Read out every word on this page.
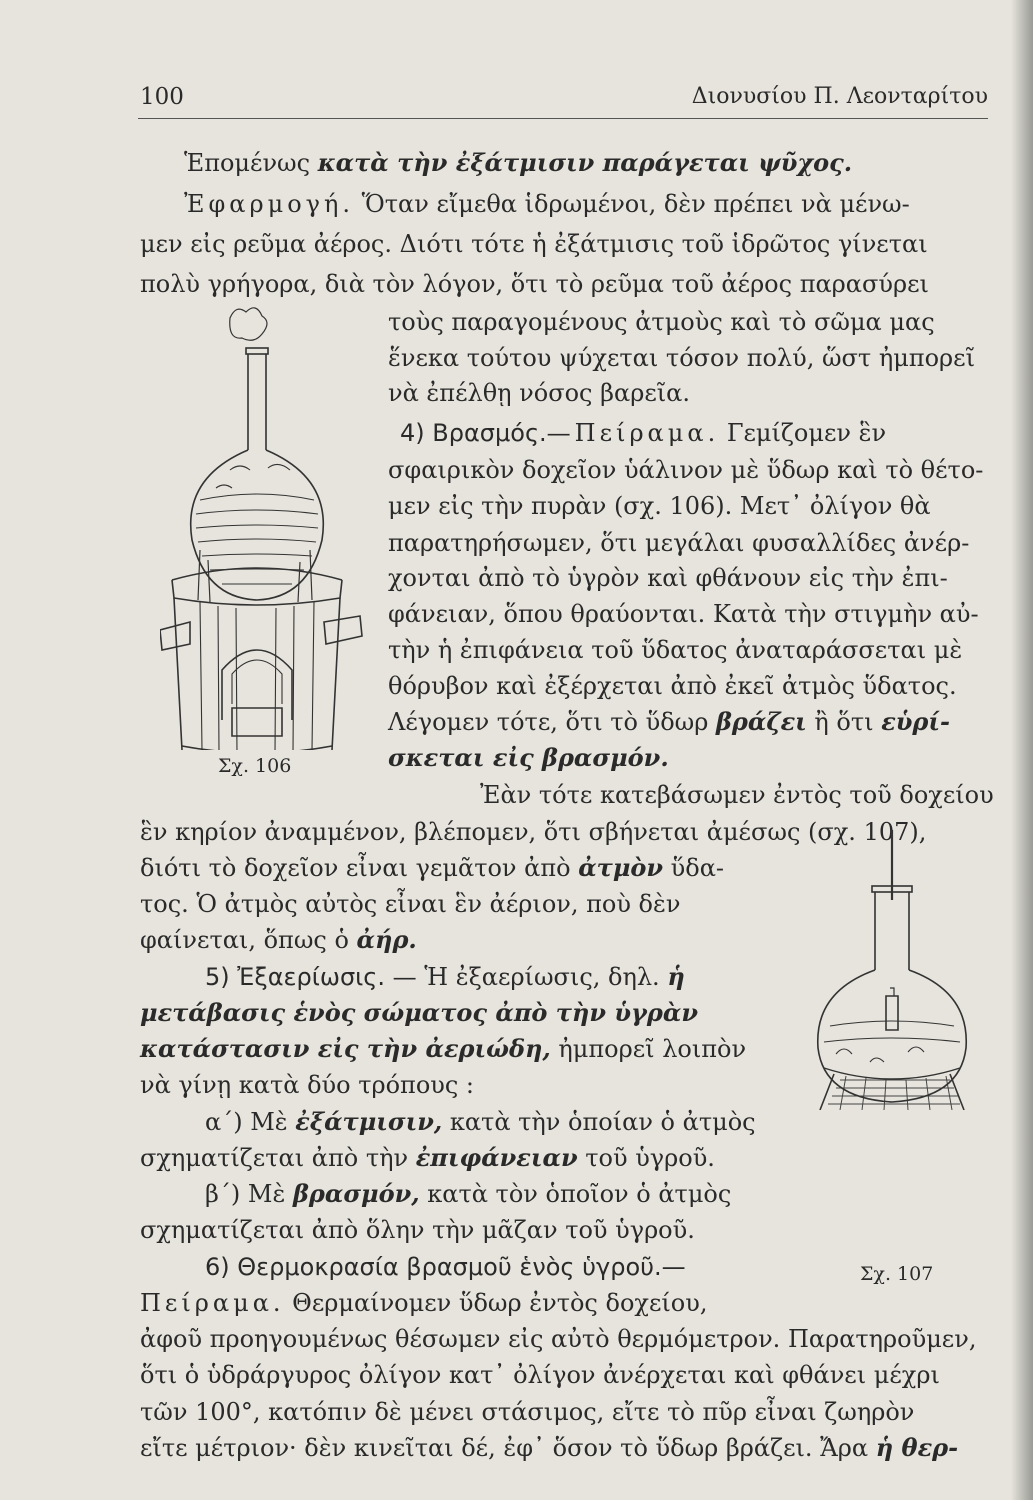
100	Διονυσίου Π. Λεονταρίτου
Ἑπομένως κατὰ τὴν ἐξάτμισιν παράγεται ψῦχος.
Ἐφαρμογή. Ὅταν εἴμεθα ἱδρωμένοι, δὲν πρέπει νὰ μένω-
μεν εἰς ρεῦμα ἀέρος. Διότι τότε ἡ ἐξάτμισις τοῦ ἱδρῶτος γίνεται
πολὺ γρήγορα, διὰ τὸν λόγον, ὅτι τὸ ρεῦμα τοῦ ἀέρος παρασύρει
τοὺς παραγομένους ἀτμοὺς καὶ τὸ σῶμα μας
ἕνεκα τούτου ψύχεται τόσον πολύ, ὥστ ἠμπορεῖ
νὰ ἐπέλθῃ νόσος βαρεῖα.
4) Βρασμός.—Πείραμα. Γεμίζομεν ἓν
σφαιρικὸν δοχεῖον ὑάλινον μὲ ὕδωρ καὶ τὸ θέτο-
μεν εἰς τὴν πυρὰν (σχ. 106). Μετ᾽ ὀλίγον θὰ
παρατηρήσωμεν, ὅτι μεγάλαι φυσαλλίδες ἀνέρ-
χονται ἀπὸ τὸ ὑγρὸν καὶ φθάνουν εἰς τὴν ἐπι-
φάνειαν, ὅπου θραύονται. Κατὰ τὴν στιγμὴν αὐ-
τὴν ἡ ἐπιφάνεια τοῦ ὕδατος ἀναταράσσεται μὲ
θόρυβον καὶ ἐξέρχεται ἀπὸ ἐκεῖ ἀτμὸς ὕδατος.
Λέγομεν τότε, ὅτι τὸ ὕδωρ βράζει ἢ ὅτι εὑρί-
σκεται εἰς βρασμόν.
Ἐὰν τότε κατεβάσωμεν ἐντὸς τοῦ δοχείου
ἓν κηρίον ἀναμμένον, βλέπομεν, ὅτι σβήνεται ἀμέσως (σχ. 107),
διότι τὸ δοχεῖον εἶναι γεμᾶτον ἀπὸ ἀτμὸν ὕδα-
τος. Ὁ ἀτμὸς αὐτὸς εἶναι ἓν ἀέριον, ποὺ δὲν
φαίνεται, ὅπως ὁ ἀήρ.
5) Ἐξαερίωσις. — Ἡ ἐξαερίωσις, δηλ. ἡ
μετάβασις ἑνὸς σώματος ἀπὸ τὴν ὑγρὰν
κατάστασιν εἰς τὴν ἀεριώδη, ἠμπορεῖ λοιπὸν
νὰ γίνῃ κατὰ δύο τρόπους :
α΄) Μὲ ἐξάτμισιν, κατὰ τὴν ὁποίαν ὁ ἀτμὸς
σχηματίζεται ἀπὸ τὴν ἐπιφάνειαν τοῦ ὑγροῦ.
β΄) Μὲ βρασμόν, κατὰ τὸν ὁποῖον ὁ ἀτμὸς
σχηματίζεται ἀπὸ ὅλην τὴν μᾶζαν τοῦ ὑγροῦ.
6) Θερμοκρασία βρασμοῦ ἑνὸς ὑγροῦ.—
Πείραμα. Θερμαίνομεν ὕδωρ ἐντὸς δοχείου,
ἀφοῦ προηγουμένως θέσωμεν εἰς αὐτὸ θερμόμετρον. Παρατηροῦμεν,
ὅτι ὁ ὑδράργυρος ὀλίγον κατ᾽ ὀλίγον ἀνέρχεται καὶ φθάνει μέχρι
τῶν 100°, κατόπιν δὲ μένει στάσιμος, εἴτε τὸ πῦρ εἶναι ζωηρὸν
εἴτε μέτριον· δὲν κινεῖται δέ, ἐφ᾽ ὅσον τὸ ὕδωρ βράζει. Ἄρα ἡ θερ-
Σχ. 106
Σχ. 107
